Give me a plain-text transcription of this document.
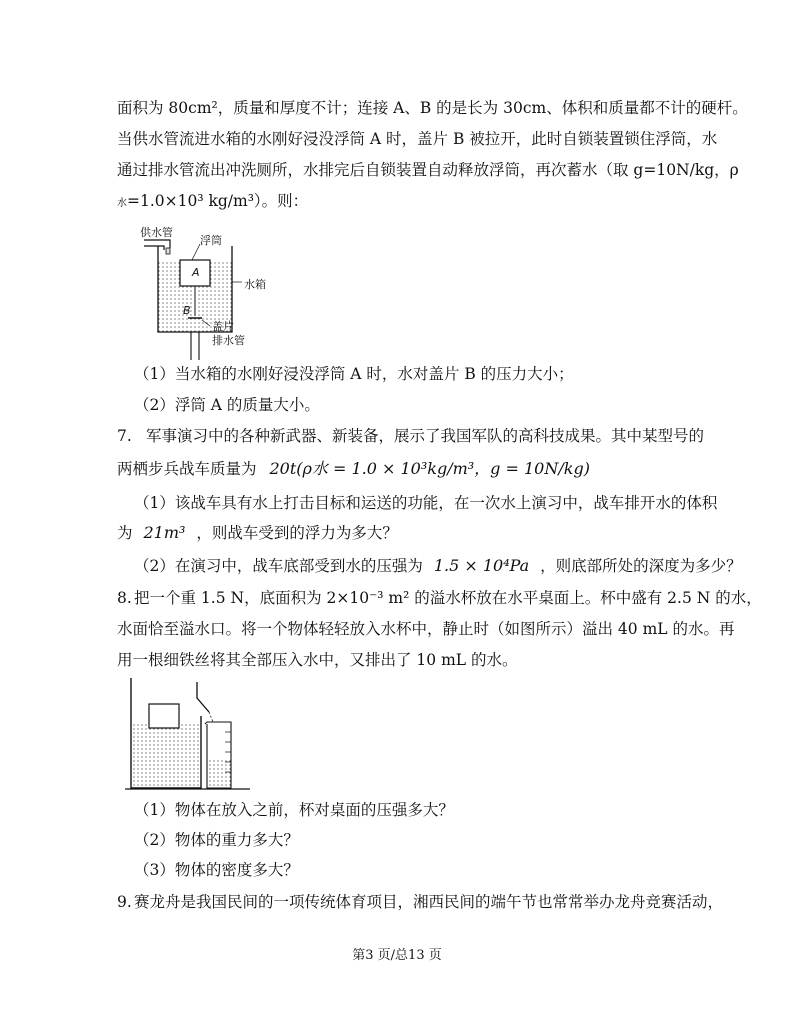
面积为 80cm²，质量和厚度不计；连接 A、B 的是长为 30cm、体积和质量都不计的硬杆。
当供水管流进水箱的水刚好浸没浮筒 A 时，盖片 B 被拉开，此时自锁装置锁住浮筒，水
通过排水管流出冲洗厕所，水排完后自锁装置自动释放浮筒，再次蓄水（取 g=10N/kg，ρ
水=1.0×10³ kg/m³）。则：
供水管
浮筒
A
水箱
B
盖片
排水管
（1）当水箱的水刚好浸没浮筒 A 时，水对盖片 B 的压力大小；
（2）浮筒 A 的质量大小。
7. 军事演习中的各种新武器、新装备，展示了我国军队的高科技成果。其中某型号的
两栖步兵战车质量为 20t(ρ水 = 1.0 × 10³kg/m³，g = 10N/kg)
（1）该战车具有水上打击目标和运送的功能，在一次水上演习中，战车排开水的体积
为 21m³ ，则战车受到的浮力为多大？
（2）在演习中，战车底部受到水的压强为 1.5 × 10⁴Pa ，则底部所处的深度为多少？
8. 把一个重 1.5 N，底面积为 2×10⁻³ m² 的溢水杯放在水平桌面上。杯中盛有 2.5 N 的水，
水面恰至溢水口。将一个物体轻轻放入水杯中，静止时（如图所示）溢出 40 mL 的水。再
用一根细铁丝将其全部压入水中，又排出了 10 mL 的水。
（1）物体在放入之前，杯对桌面的压强多大？
（2）物体的重力多大？
（3）物体的密度多大？
9. 赛龙舟是我国民间的一项传统体育项目，湘西民间的端午节也常常举办龙舟竞赛活动，
第3 页/总13 页
